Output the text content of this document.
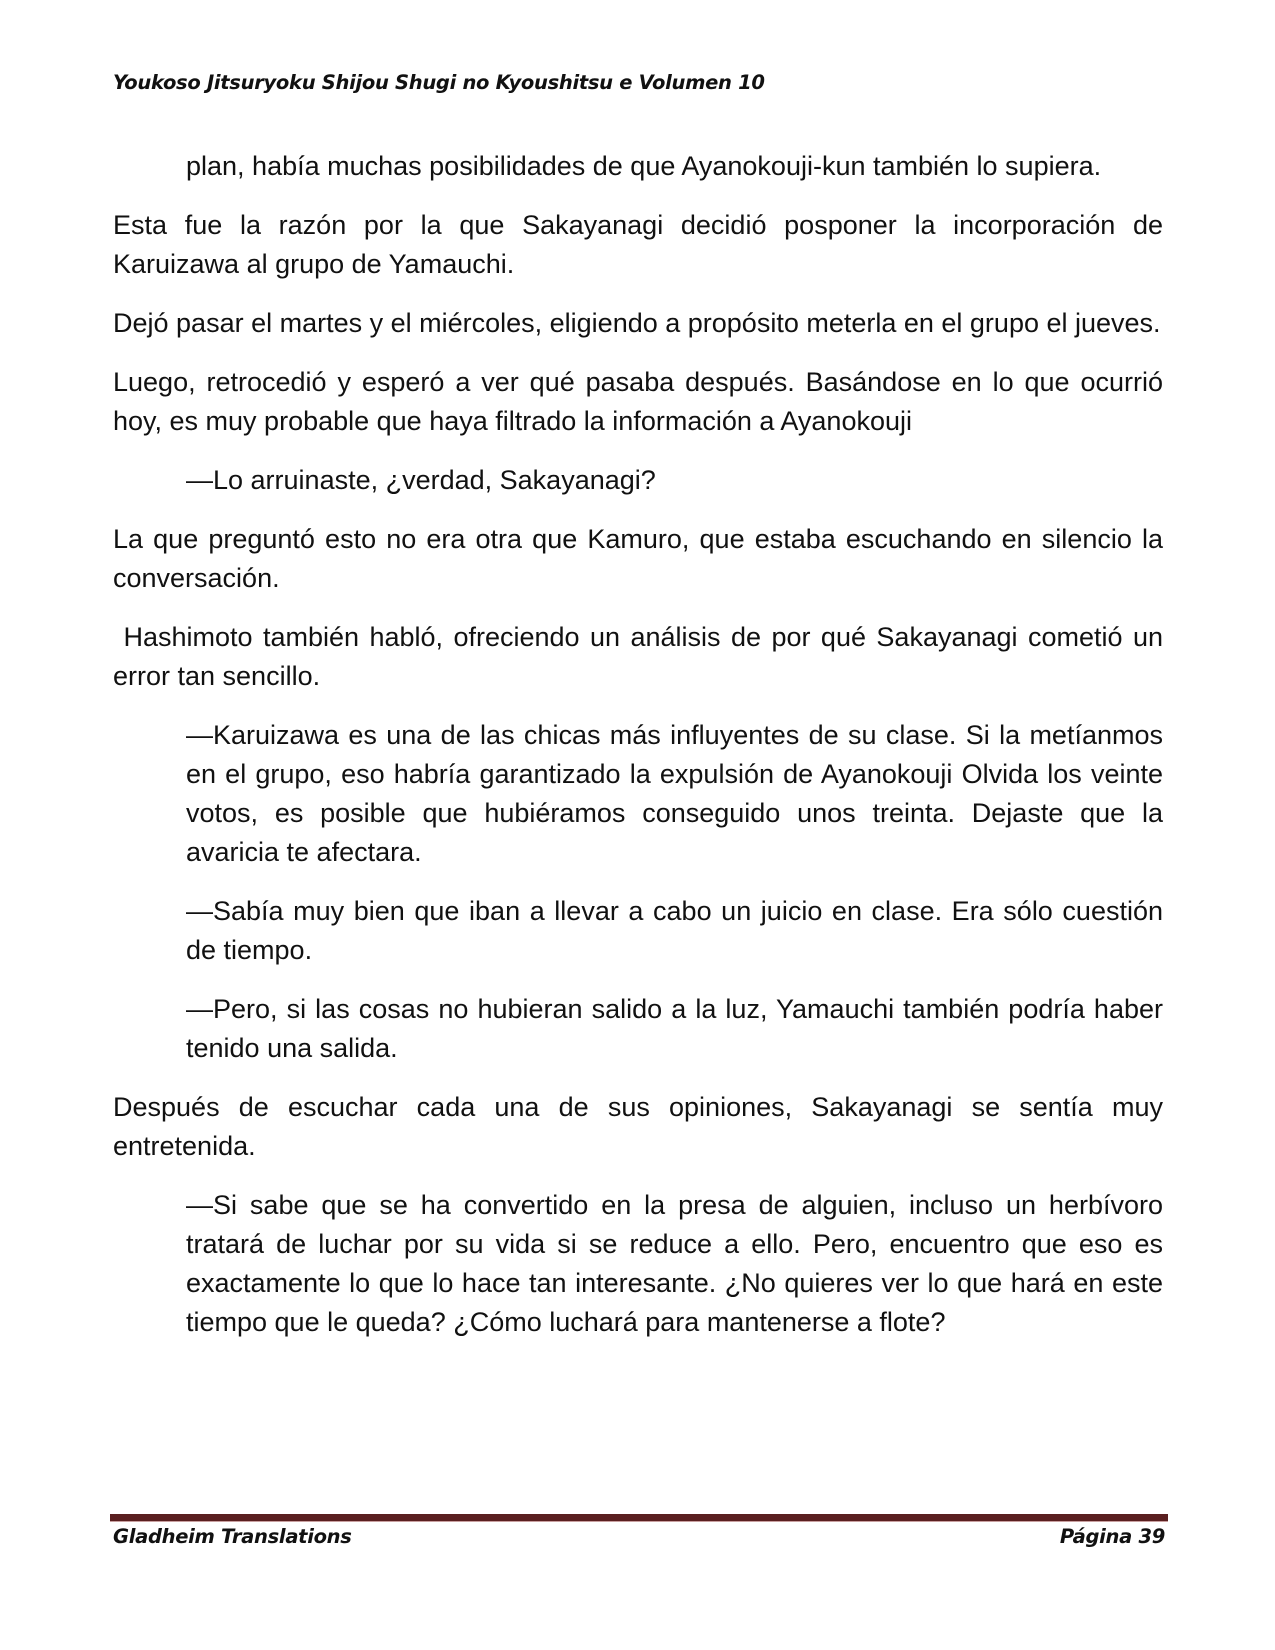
Youkoso Jitsuryoku Shijou Shugi no Kyoushitsu e Volumen 10

plan, había muchas posibilidades de que Ayanokouji-kun también lo supiera.

Esta fue la razón por la que Sakayanagi decidió posponer la incorporación de Karuizawa al grupo de Yamauchi.

Dejó pasar el martes y el miércoles, eligiendo a propósito meterla en el grupo el jueves.

Luego, retrocedió y esperó a ver qué pasaba después. Basándose en lo que ocurrió hoy, es muy probable que haya filtrado la información a Ayanokouji

—Lo arruinaste, ¿verdad, Sakayanagi?

La que preguntó esto no era otra que Kamuro, que estaba escuchando en silencio la conversación.

Hashimoto también habló, ofreciendo un análisis de por qué Sakayanagi cometió un error tan sencillo.

—Karuizawa es una de las chicas más influyentes de su clase. Si la metíanmos en el grupo, eso habría garantizado la expulsión de Ayanokouji Olvida los veinte votos, es posible que hubiéramos conseguido unos treinta. Dejaste que la avaricia te afectara.

—Sabía muy bien que iban a llevar a cabo un juicio en clase. Era sólo cuestión de tiempo.

—Pero, si las cosas no hubieran salido a la luz, Yamauchi también podría haber tenido una salida.

Después de escuchar cada una de sus opiniones, Sakayanagi se sentía muy entretenida.

—Si sabe que se ha convertido en la presa de alguien, incluso un herbívoro tratará de luchar por su vida si se reduce a ello. Pero, encuentro que eso es exactamente lo que lo hace tan interesante. ¿No quieres ver lo que hará en este tiempo que le queda? ¿Cómo luchará para mantenerse a flote?

Gladheim Translations	Página 39
